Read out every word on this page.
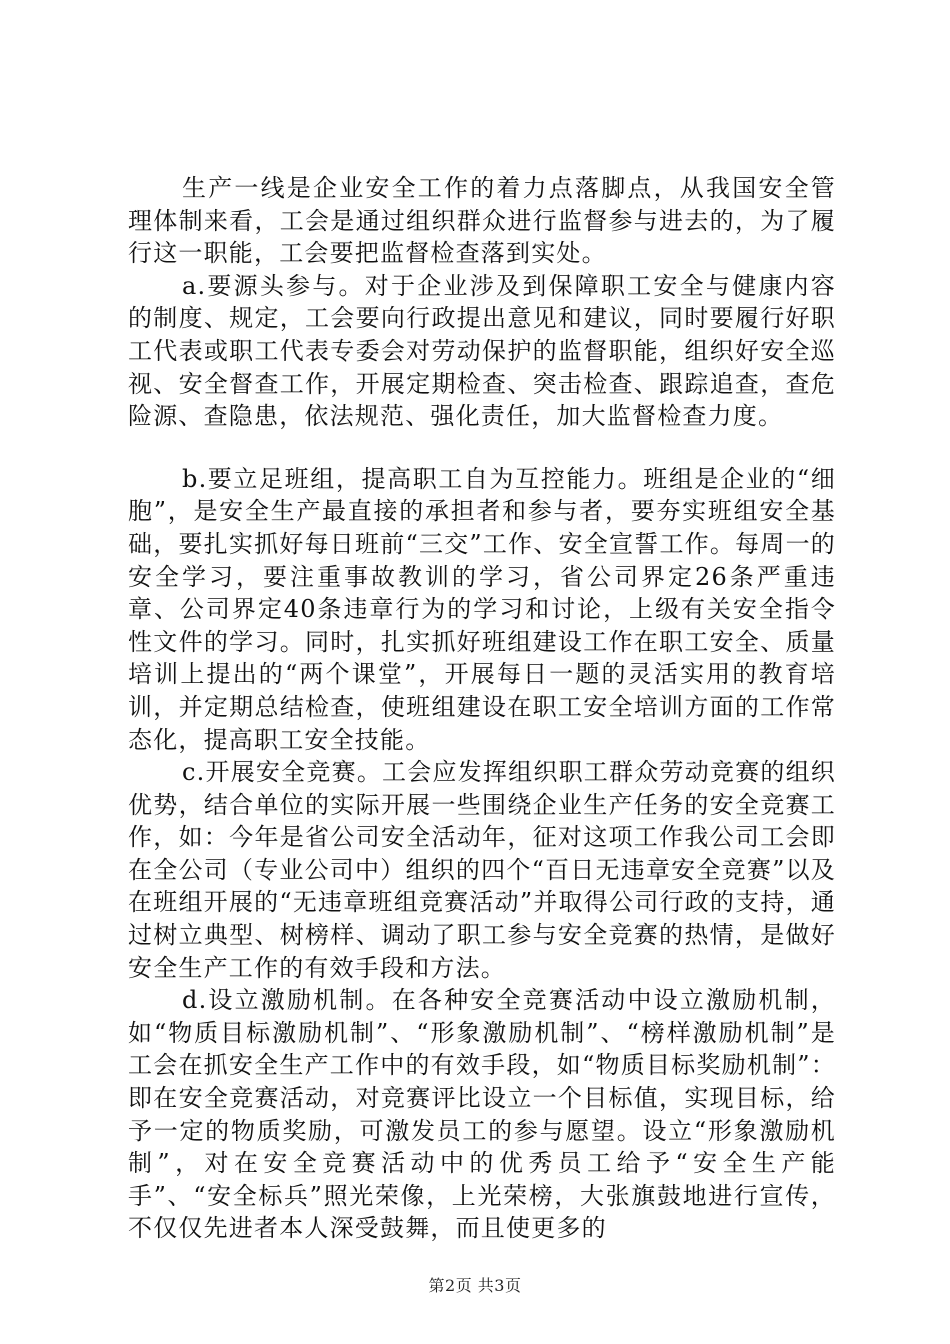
生产一线是企业安全工作的着力点落脚点，从我国安全管理体制来看，工会是通过组织群众进行监督参与进去的，为了履行这一职能，工会要把监督检查落到实处。

a.要源头参与。对于企业涉及到保障职工安全与健康内容的制度、规定，工会要向行政提出意见和建议，同时要履行好职工代表或职工代表专委会对劳动保护的监督职能，组织好安全巡视、安全督查工作，开展定期检查、突击检查、跟踪追查，查危险源、查隐患，依法规范、强化责任，加大监督检查力度。

b.要立足班组，提高职工自为互控能力。班组是企业的“细胞”，是安全生产最直接的承担者和参与者，要夯实班组安全基础，要扎实抓好每日班前“三交”工作、安全宣誓工作。每周一的安全学习，要注重事故教训的学习，省公司界定26条严重违章、公司界定40条违章行为的学习和讨论，上级有关安全指令性文件的学习。同时，扎实抓好班组建设工作在职工安全、质量培训上提出的“两个课堂”，开展每日一题的灵活实用的教育培训，并定期总结检查，使班组建设在职工安全培训方面的工作常态化，提高职工安全技能。

c.开展安全竞赛。工会应发挥组织职工群众劳动竞赛的组织优势，结合单位的实际开展一些围绕企业生产任务的安全竞赛工作，如：今年是省公司安全活动年，征对这项工作我公司工会即在全公司（专业公司中）组织的四个“百日无违章安全竞赛”以及在班组开展的“无违章班组竞赛活动”并取得公司行政的支持，通过树立典型、树榜样、调动了职工参与安全竞赛的热情，是做好安全生产工作的有效手段和方法。

d.设立激励机制。在各种安全竞赛活动中设立激励机制，如“物质目标激励机制”、“形象激励机制”、“榜样激励机制”是工会在抓安全生产工作中的有效手段，如“物质目标奖励机制”：即在安全竞赛活动，对竞赛评比设立一个目标值，实现目标，给予一定的物质奖励，可激发员工的参与愿望。设立“形象激励机制”，对在安全竞赛活动中的优秀员工给予“安全生产能手”、“安全标兵”照光荣像，上光荣榜，大张旗鼓地进行宣传，不仅仅先进者本人深受鼓舞，而且使更多的

第2页 共3页
